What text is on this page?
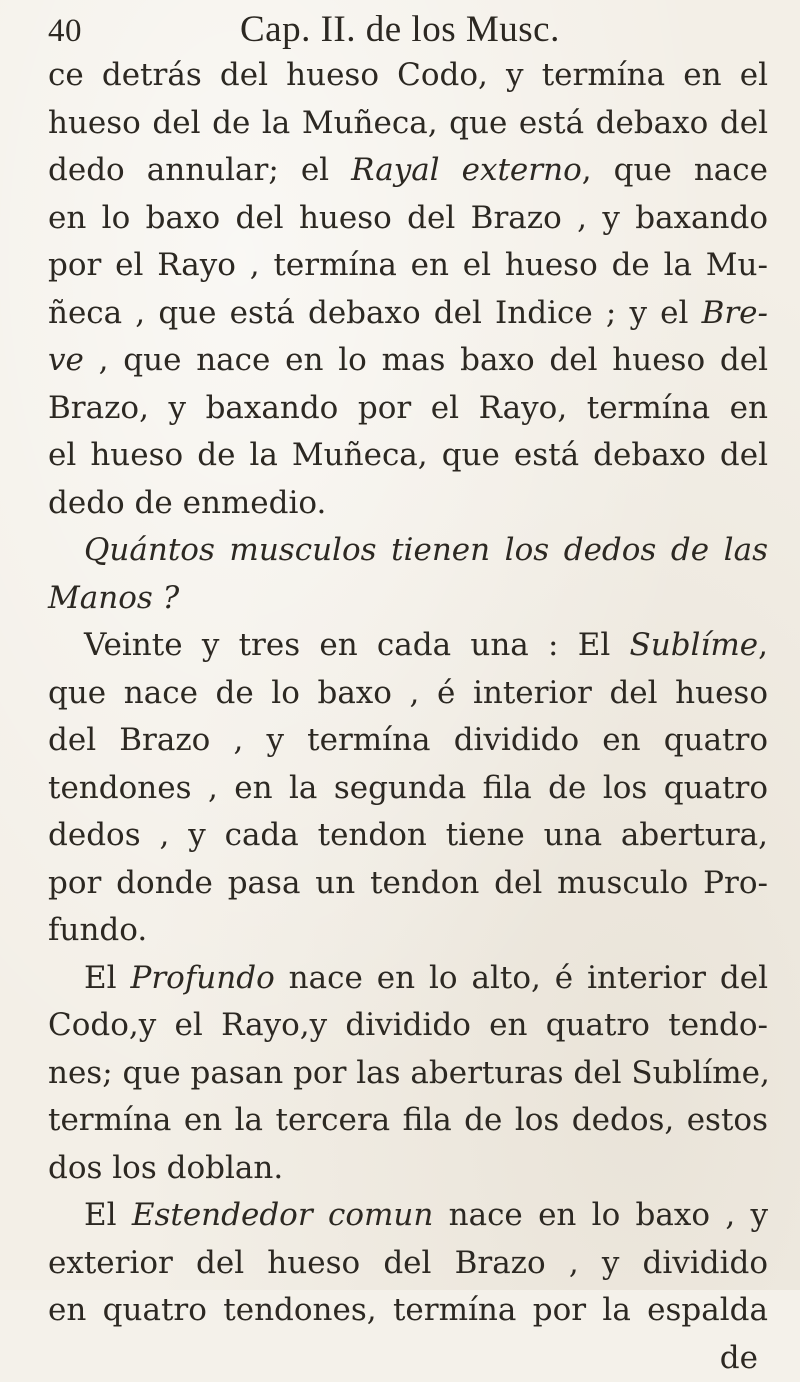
40	Cap. II. de los Musc.
ce detrás del hueso Codo, y termína en el
hueso del de la Muñeca, que está debaxo del
dedo annular; el Rayal externo, que nace
en lo baxo del hueso del Brazo , y baxando
por el Rayo , termína en el hueso de la Mu-
ñeca , que está debaxo del Indice ; y el Bre-
ve , que nace en lo mas baxo del hueso del
Brazo, y baxando por el Rayo, termína en
el hueso de la Muñeca, que está debaxo del
dedo de enmedio.
Quántos musculos tienen los dedos de las
Manos ?
Veinte y tres en cada una : El Sublíme,
que nace de lo baxo , é interior del hueso
del Brazo , y termína dividido en quatro
tendones , en la segunda fila de los quatro
dedos , y cada tendon tiene una abertura,
por donde pasa un tendon del musculo Pro-
fundo.
El Profundo nace en lo alto, é interior del
Codo,y el Rayo,y dividido en quatro tendo-
nes; que pasan por las aberturas del Sublíme,
termína en la tercera fila de los dedos, estos
dos los doblan.
El Estendedor comun nace en lo baxo , y
exterior del hueso del Brazo , y dividido
en quatro tendones, termína por la espalda
de
